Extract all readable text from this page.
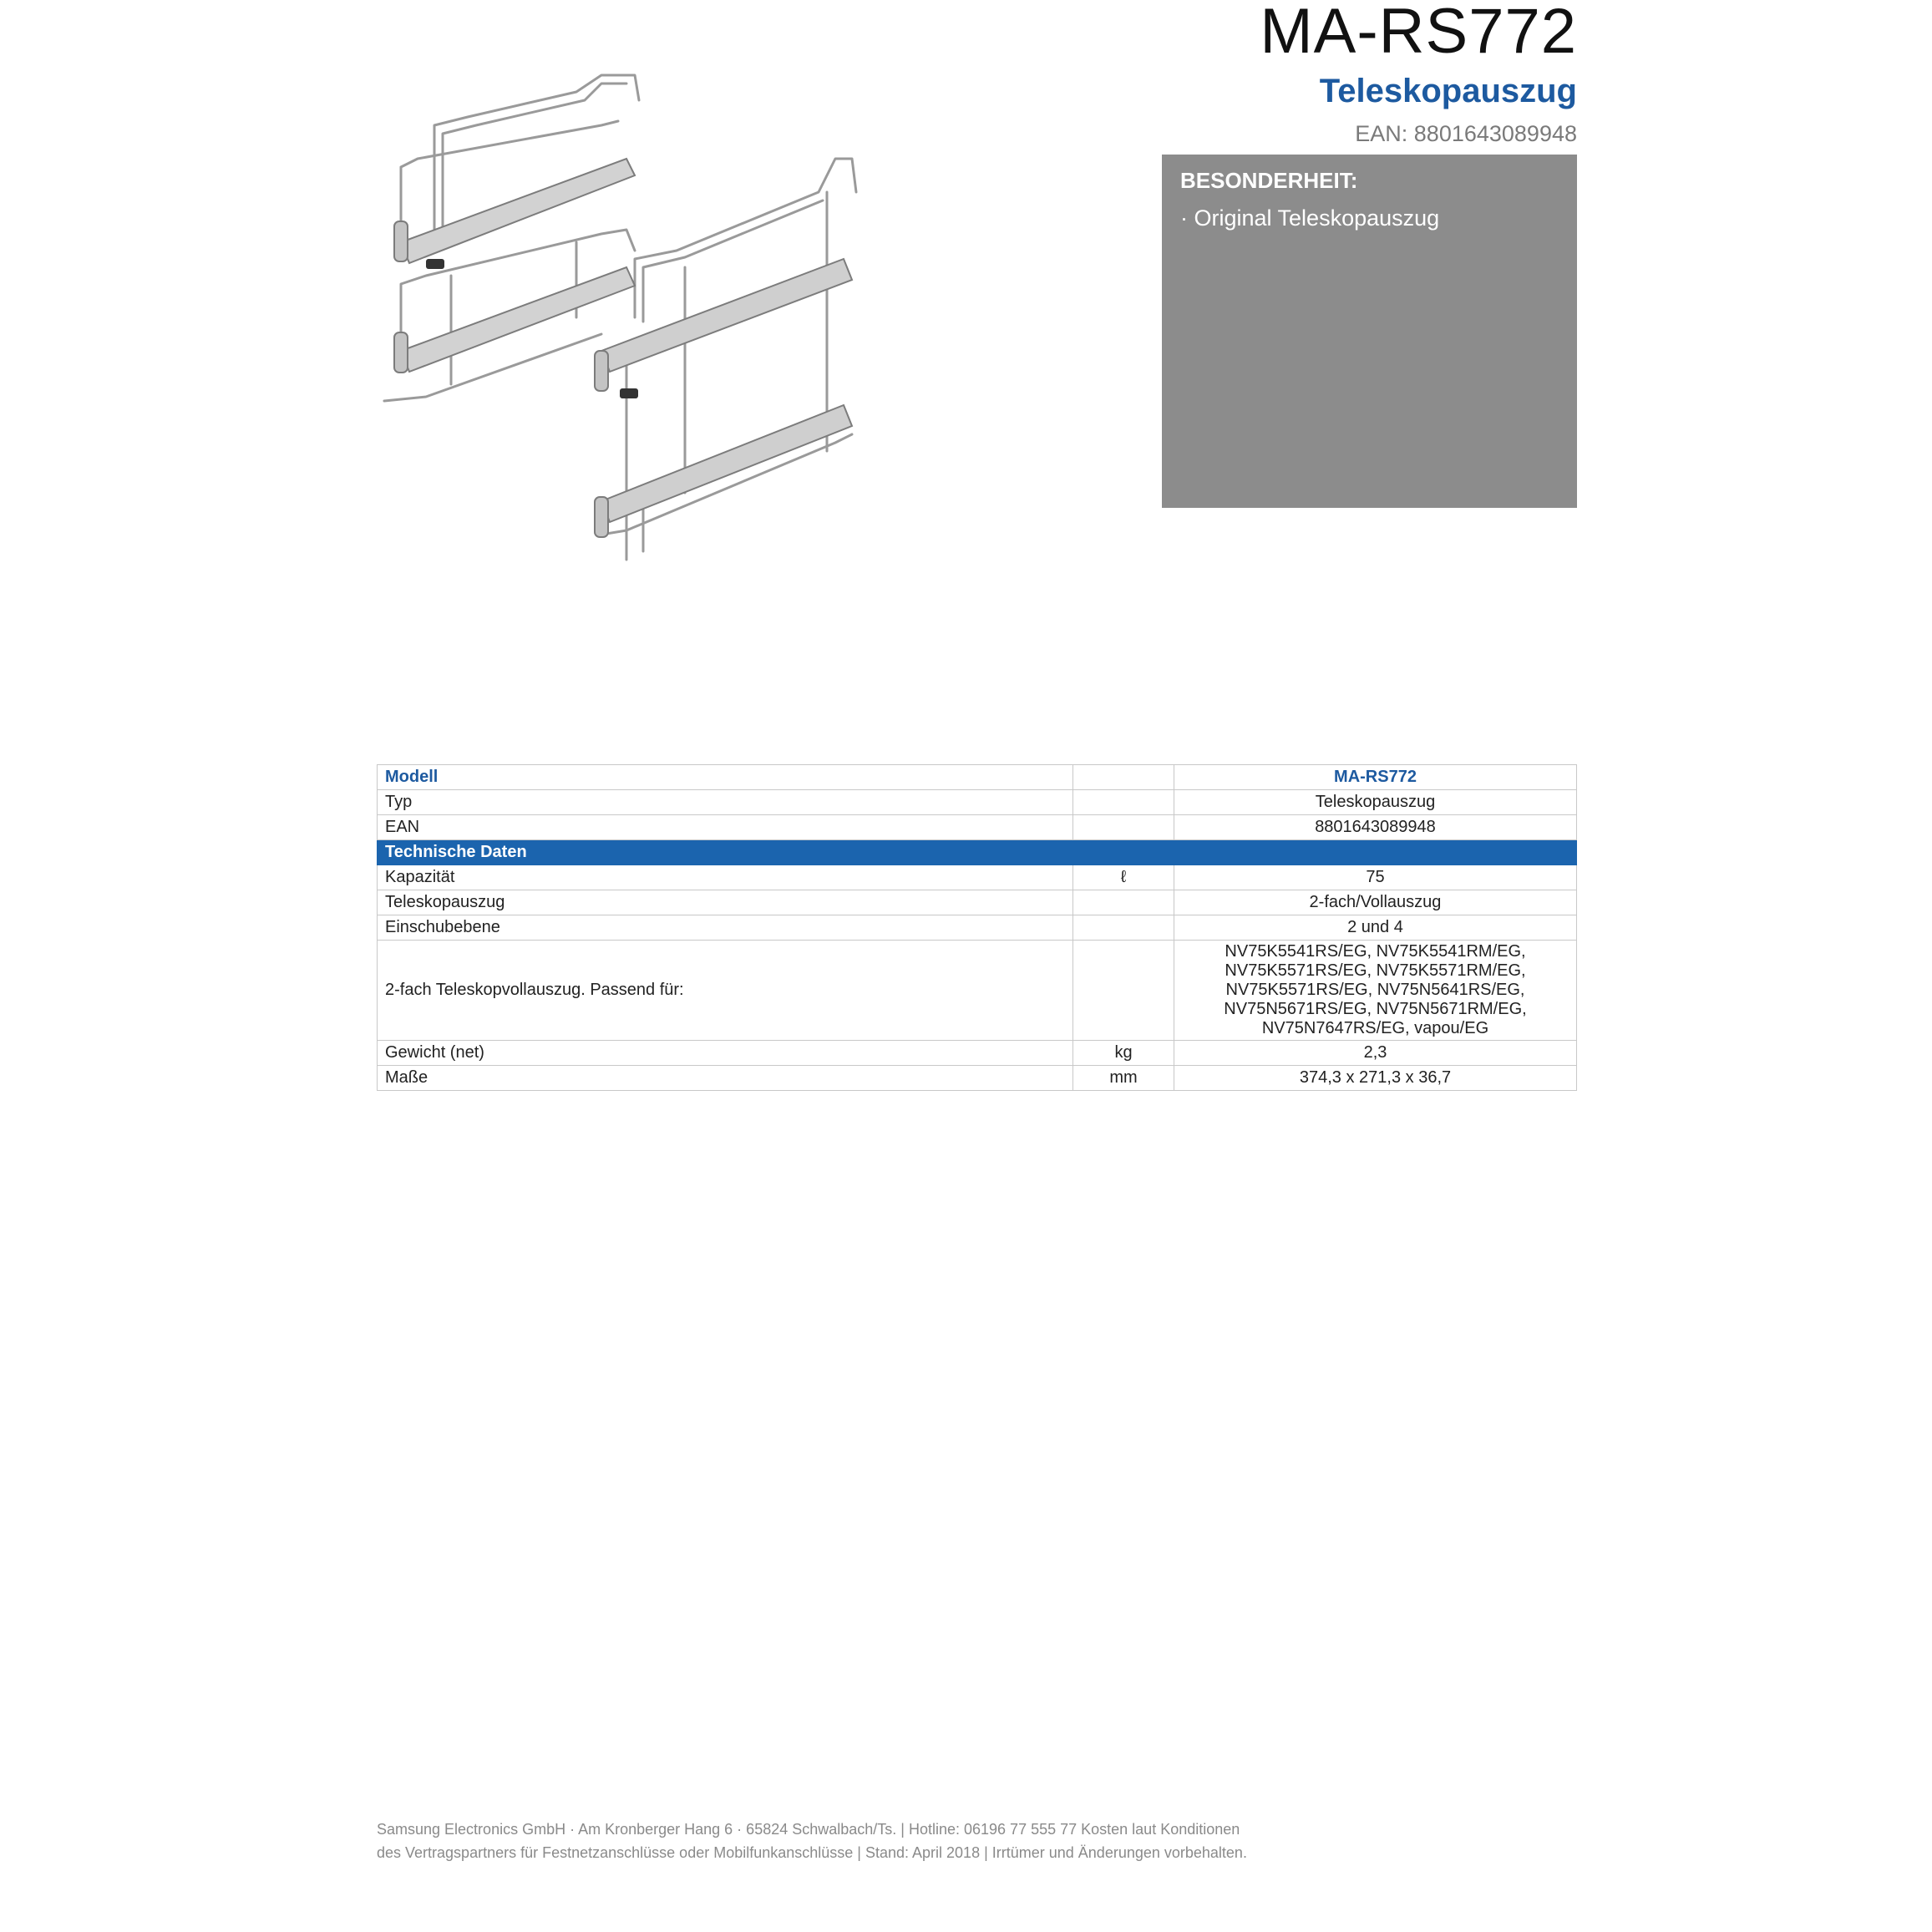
MA-RS772
Teleskopauszug
EAN: 8801643089948
BESONDERHEIT:
· Original Teleskopauszug
Modell		MA-RS772
Typ		Teleskopauszug
EAN		8801643089948
Technische Daten		
Kapazität	ℓ	75
Teleskopauszug		2-fach/Vollauszug
Einschubebene		2 und 4
2-fach Teleskopvollauszug. Passend für:		NV75K5541RS/EG, NV75K5541RM/EG,
NV75K5571RS/EG, NV75K5571RM/EG,
NV75K5571RS/EG, NV75N5641RS/EG,
NV75N5671RS/EG, NV75N5671RM/EG,
NV75N7647RS/EG, vapou/EG

Gewicht (net)	kg	2,3
Maße	mm	374,3 x 271,3 x 36,7
Samsung Electronics GmbH · Am Kronberger Hang 6 · 65824 Schwalbach/Ts. | Hotline: 06196 77 555 77 Kosten laut Konditionen
des Vertragspartners für Festnetzanschlüsse oder Mobilfunkanschlüsse | Stand: April 2018 | Irrtümer und Änderungen vorbehalten.
